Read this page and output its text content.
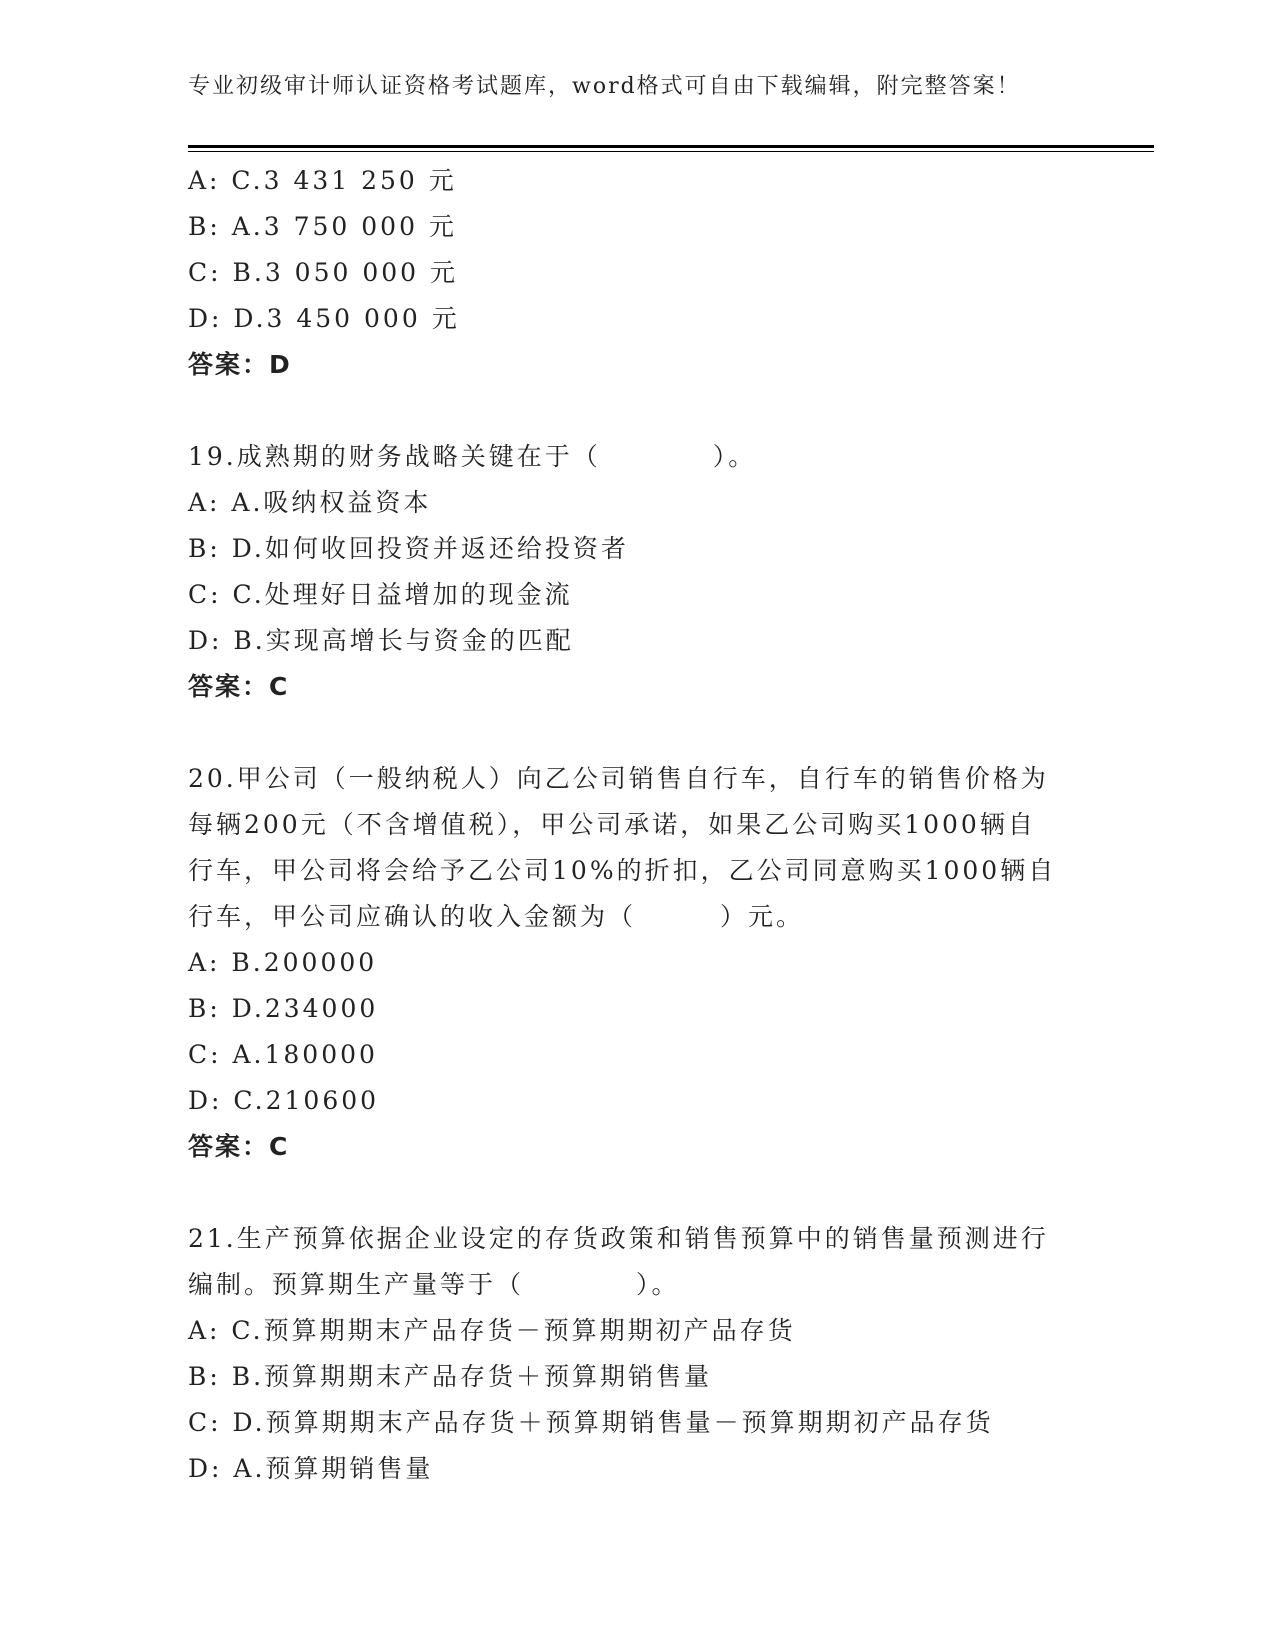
专业初级审计师认证资格考试题库，word格式可自由下载编辑，附完整答案！
A: C.3 431 250 元
B: A.3 750 000 元
C: B.3 050 000 元
D: D.3 450 000 元
答案：D
19.成熟期的财务战略关键在于（　　　　）。
A: A.吸纳权益资本
B: D.如何收回投资并返还给投资者
C: C.处理好日益增加的现金流
D: B.实现高增长与资金的匹配
答案：C
20.甲公司（一般纳税人）向乙公司销售自行车，自行车的销售价格为
每辆200元（不含增值税），甲公司承诺，如果乙公司购买1000辆自
行车，甲公司将会给予乙公司10%的折扣，乙公司同意购买1000辆自
行车，甲公司应确认的收入金额为（　　　）元。
A: B.200000
B: D.234000
C: A.180000
D: C.210600
答案：C
21.生产预算依据企业设定的存货政策和销售预算中的销售量预测进行
编制。预算期生产量等于（　　　　）。
A: C.预算期期末产品存货－预算期期初产品存货
B: B.预算期期末产品存货＋预算期销售量
C: D.预算期期末产品存货＋预算期销售量－预算期期初产品存货
D: A.预算期销售量
